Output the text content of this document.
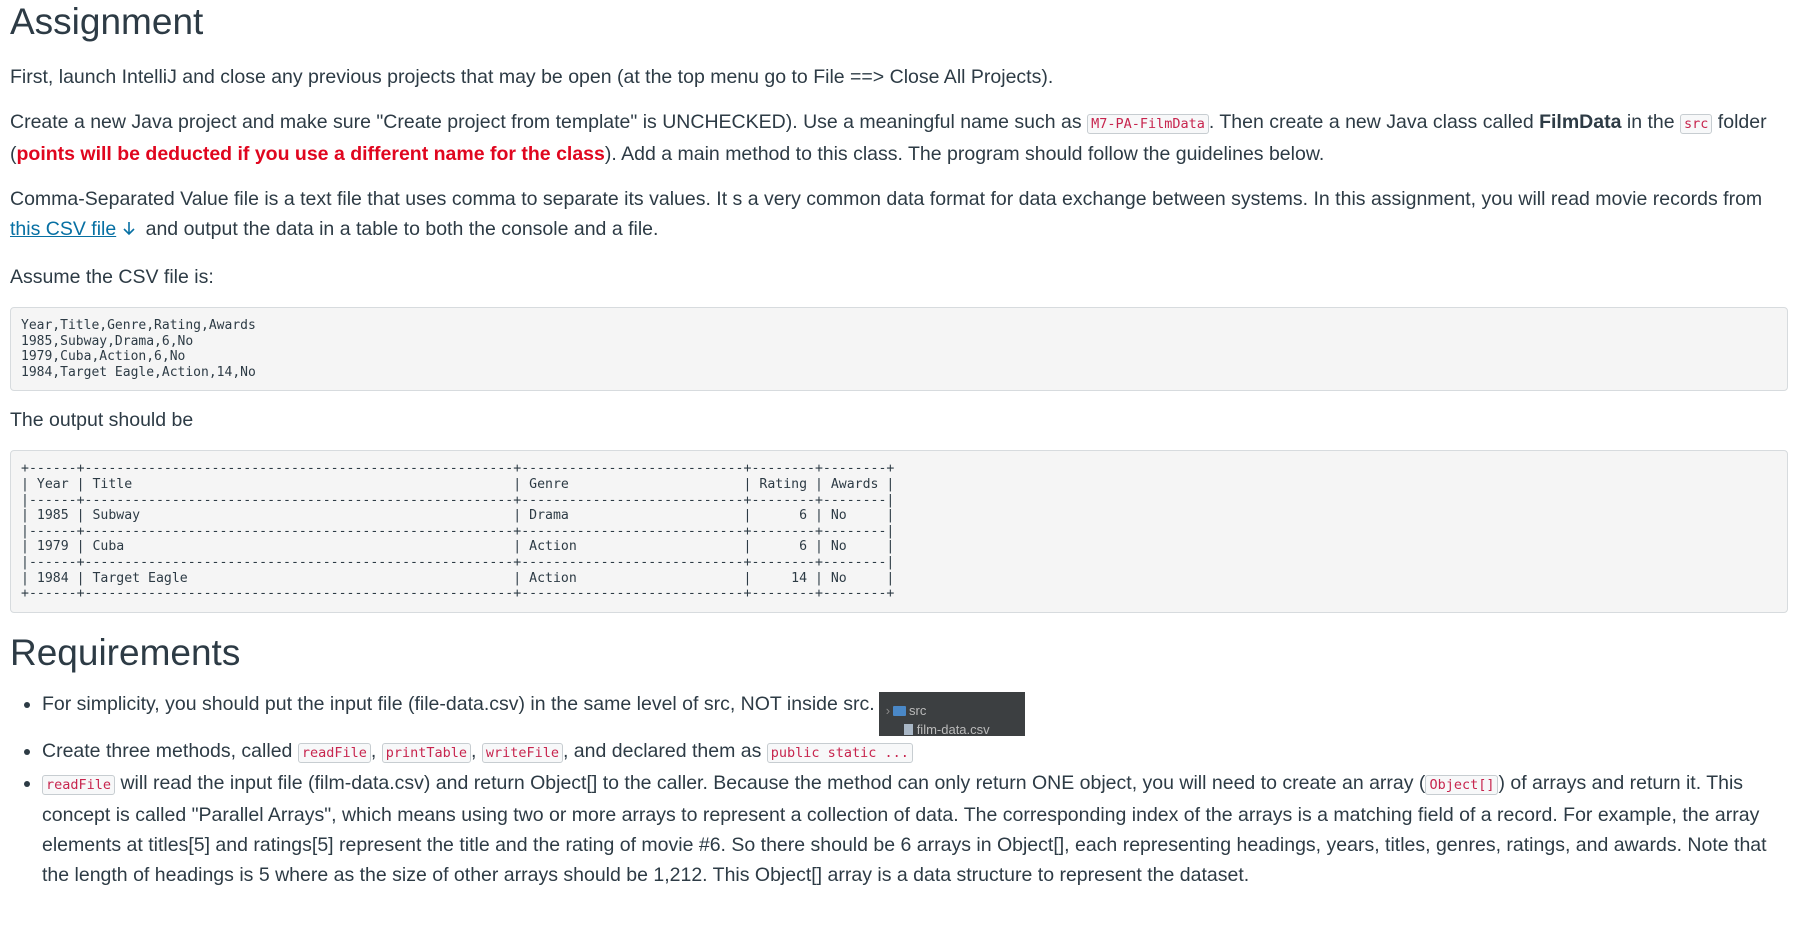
Assignment

First, launch IntelliJ and close any previous projects that may be open (at the top menu go to File ==> Close All Projects).

Create a new Java project and make sure "Create project from template" is UNCHECKED). Use a meaningful name such as M7-PA-FilmData . Then create a new Java class called FilmData in the src folder (points will be deducted if you use a different name for the class). Add a main method to this class. The program should follow the guidelines below.

Comma-Separated Value file is a text file that uses comma to separate its values. It s a very common data format for data exchange between systems. In this assignment, you will read movie records from this CSV file and output the data in a table to both the console and a file.

Assume the CSV file is:

Year,Title,Genre,Rating,Awards
1985,Subway,Drama,6,No
1979,Cuba,Action,6,No
1984,Target Eagle,Action,14,No

The output should be

+------+------------------------------------------------------+----------------------------+--------+--------+
| Year | Title                                                | Genre                      | Rating | Awards |
|------+------------------------------------------------------+----------------------------+--------+--------|
| 1985 | Subway                                               | Drama                      |      6 | No     |
|------+------------------------------------------------------+----------------------------+--------+--------|
| 1979 | Cuba                                                 | Action                     |      6 | No     |
|------+------------------------------------------------------+----------------------------+--------+--------|
| 1984 | Target Eagle                                         | Action                     |     14 | No     |
+------+------------------------------------------------------+----------------------------+--------+--------+
Requirements
• For simplicity, you should put the input file (file-data.csv) in the same level of src, NOT inside src. › src
film-data.csv
• Create three methods, called readFile , printTable , writeFile , and declared them as public static ...
• readFile will read the input file (film-data.csv) and return Object[] to the caller. Because the method can only return ONE object, you will need to create an array ( Object[] ) of arrays and return it. This concept is called "Parallel Arrays", which means using two or more arrays to represent a collection of data. The corresponding index of the arrays is a matching field of a record. For example, the array elements at titles[5] and ratings[5] represent the title and the rating of movie #6. So there should be 6 arrays in Object[], each representing headings, years, titles, genres, ratings, and awards. Note that the length of headings is 5 where as the size of other arrays should be 1,212. This Object[] array is a data structure to represent the dataset.
